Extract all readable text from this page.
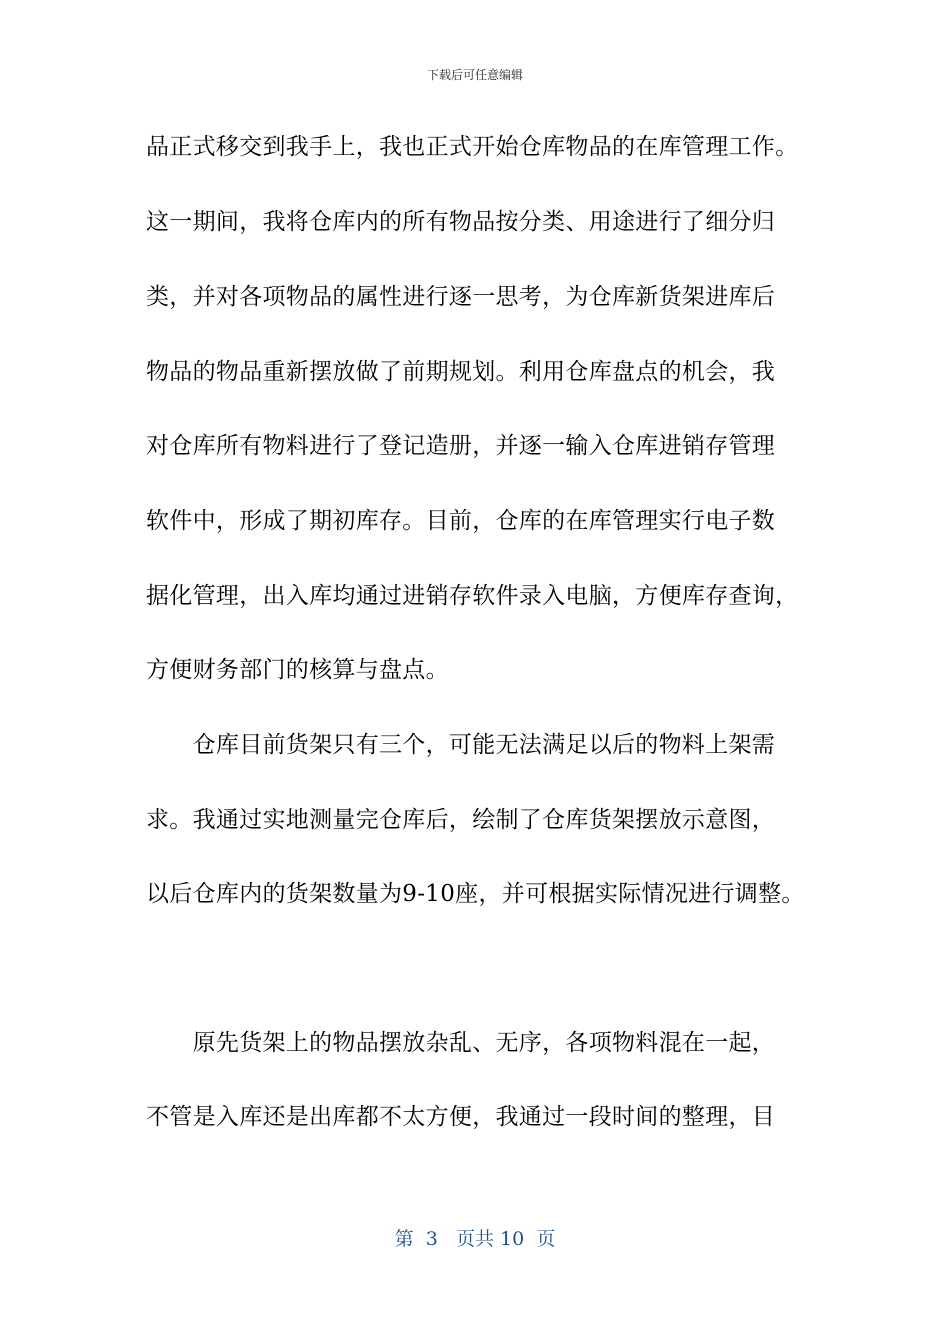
下载后可任意编辑
品正式移交到我手上，我也正式开始仓库物品的在库管理工作。
这一期间，我将仓库内的所有物品按分类、用途进行了细分归
类，并对各项物品的属性进行逐一思考，为仓库新货架进库后
物品的物品重新摆放做了前期规划。利用仓库盘点的机会，我
对仓库所有物料进行了登记造册，并逐一输入仓库进销存管理
软件中，形成了期初库存。目前，仓库的在库管理实行电子数
据化管理，出入库均通过进销存软件录入电脑，方便库存查询，
方便财务部门的核算与盘点。
　　仓库目前货架只有三个，可能无法满足以后的物料上架需
求。我通过实地测量完仓库后，绘制了仓库货架摆放示意图，
以后仓库内的货架数量为9-10座，并可根据实际情况进行调整。
　　原先货架上的物品摆放杂乱、无序，各项物料混在一起，
不管是入库还是出库都不太方便，我通过一段时间的整理，目
第 3 页共 10 页
